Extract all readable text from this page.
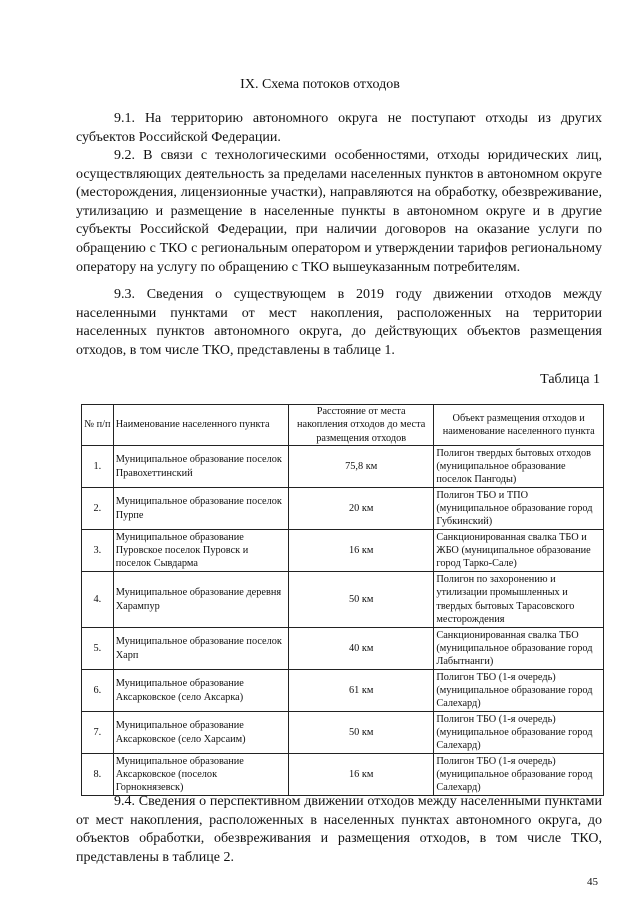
IX. Схема потоков отходов
9.1. На территорию автономного округа не поступают отходы из других субъектов Российской Федерации.
9.2. В связи с технологическими особенностями, отходы юридических лиц, осуществляющих деятельность за пределами населенных пунктов в автономном округе (месторождения, лицензионные участки), направляются на обработку, обезвреживание, утилизацию и размещение в населенные пункты в автономном округе и в другие субъекты Российской Федерации, при наличии договоров на оказание услуги по обращению с ТКО с региональным оператором и утверждении тарифов региональному оператору на услугу по обращению с ТКО вышеуказанным потребителям.
9.3. Сведения о существующем в 2019 году движении отходов между населенными пунктами от мест накопления, расположенных на территории населенных пунктов автономного округа, до действующих объектов размещения отходов, в том числе ТКО, представлены в таблице 1.
Таблица 1
№ п/п	Наименование населенного пункта	Расстояние от места накопления отходов до места размещения отходов	Объект размещения отходов и наименование населенного пункта
1.	Муниципальное образование поселок Правохеттинский	75,8 км	Полигон твердых бытовых отходов (муниципальное образование поселок Пангоды)
2.	Муниципальное образование поселок Пурпе	20 км	Полигон ТБО и ТПО (муниципальное образование город Губкинский)
3.	Муниципальное образование Пуровское поселок Пуровск и поселок Сывдарма	16 км	Санкционированная свалка ТБО и ЖБО (муниципальное образование город Тарко-Сале)
4.	Муниципальное образование деревня Харампур	50 км	Полигон по захоронению и утилизации промышленных и твердых бытовых Тарасовского месторождения
5.	Муниципальное образование поселок Харп	40 км	Санкционированная свалка ТБО (муниципальное образование город Лабытнанги)
6.	Муниципальное образование Аксарковское (село Аксарка)	61 км	Полигон ТБО (1-я очередь) (муниципальное образование город Салехард)
7.	Муниципальное образование Аксарковское (село Харсаим)	50 км	Полигон ТБО (1-я очередь) (муниципальное образование город Салехард)
8.	Муниципальное образование Аксарковское (поселок Горнокнязевск)	16 км	Полигон ТБО (1-я очередь) (муниципальное образование город Салехард)
9.4. Сведения о перспективном движении отходов между населенными пунктами от мест накопления, расположенных в населенных пунктах автономного округа, до объектов обработки, обезвреживания и размещения отходов, в том числе ТКО, представлены в таблице 2.
45
